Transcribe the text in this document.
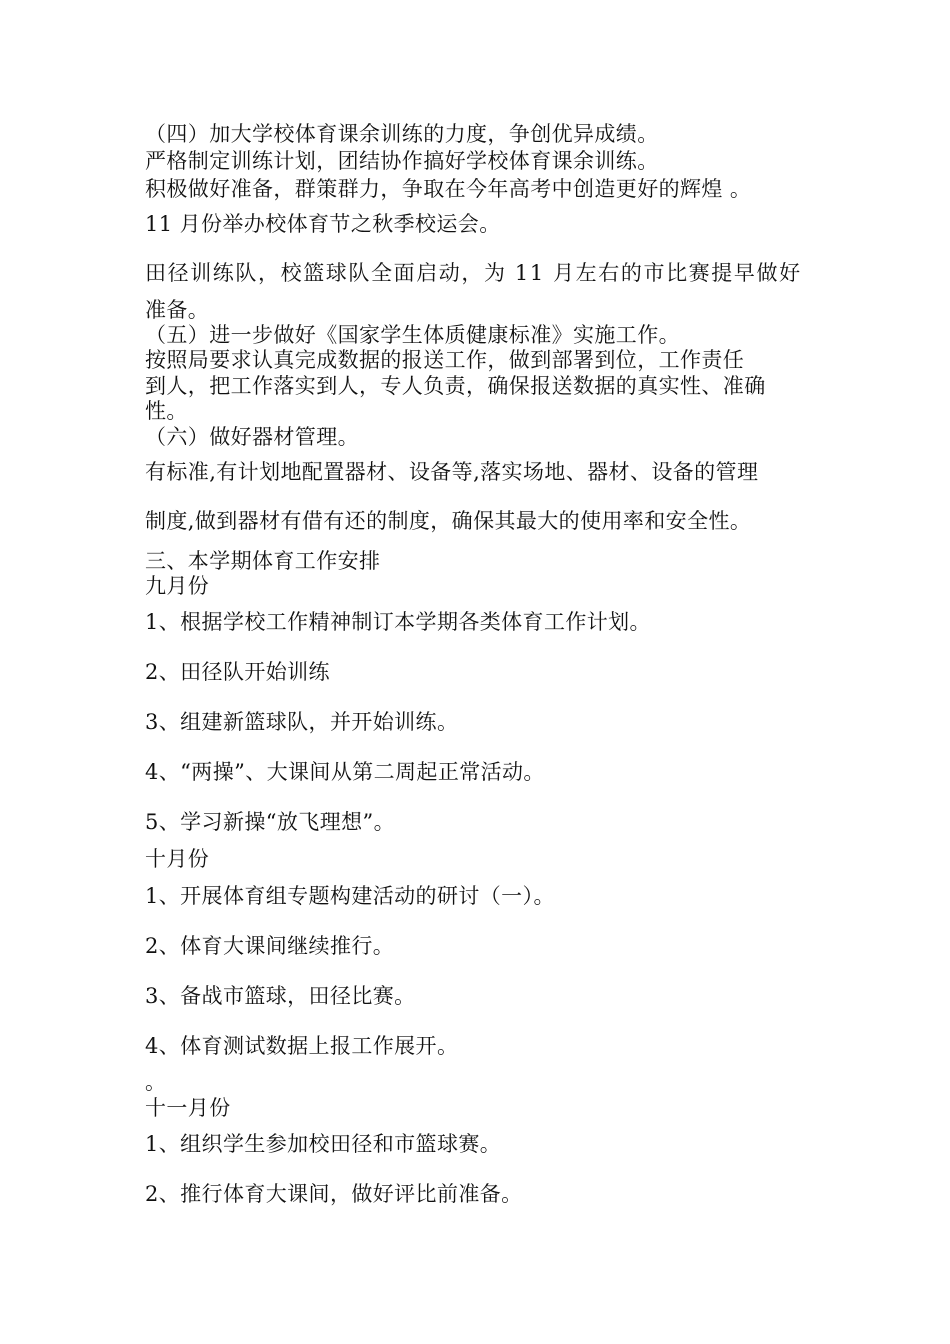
（四）加大学校体育课余训练的力度，争创优异成绩。
严格制定训练计划，团结协作搞好学校体育课余训练。
积极做好准备，群策群力，争取在今年高考中创造更好的辉煌 。
11 月份举办校体育节之秋季校运会。
田径训练队，校篮球队全面启动，为 11 月左右的市比赛提早做好
准备。
（五）进一步做好《国家学生体质健康标准》实施工作。
按照局要求认真完成数据的报送工作，做到部署到位，工作责任
到人，把工作落实到人，专人负责，确保报送数据的真实性、准确
性。
（六）做好器材管理。
有标准,有计划地配置器材、设备等,落实场地、器材、设备的管理
制度,做到器材有借有还的制度，确保其最大的使用率和安全性。
三、本学期体育工作安排
九月份
1、根据学校工作精神制订本学期各类体育工作计划。
2、田径队开始训练
3、组建新篮球队，并开始训练。
4、“两操”、大课间从第二周起正常活动。
5、学习新操“放飞理想”。
十月份
1、开展体育组专题构建活动的研讨（一）。
2、体育大课间继续推行。
3、备战市篮球，田径比赛。
4、体育测试数据上报工作展开。
。
十一月份
1、组织学生参加校田径和市篮球赛。
2、推行体育大课间，做好评比前准备。
